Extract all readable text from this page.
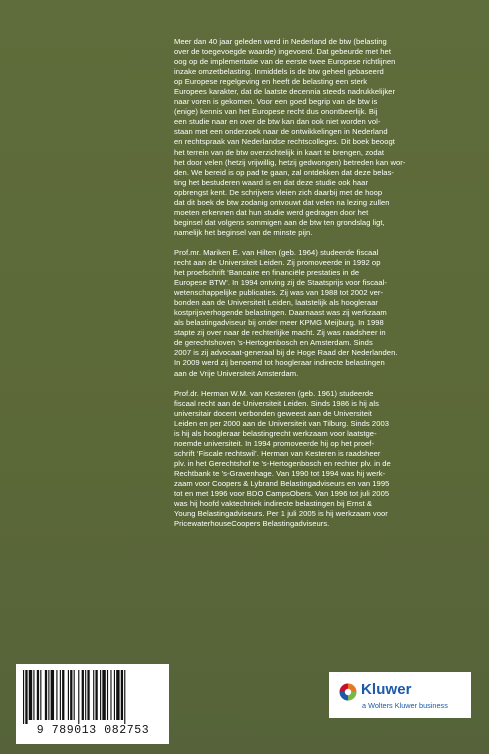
Meer dan 40 jaar geleden werd in Nederland de btw (belasting
over de toegevoegde waarde) ingevoerd. Dat gebeurde met het
oog op de implementatie van de eerste twee Europese richtlijnen
inzake omzetbelasting. Inmiddels is de btw geheel gebaseerd
op Europese regelgeving en heeft de belasting een sterk
Europees karakter, dat de laatste decennia steeds nadrukkelijker
naar voren is gekomen. Voor een goed begrip van de btw is
(enige) kennis van het Europese recht dus onontbeerlijk. Bij
een studie naar en over de btw kan dan ook niet worden vol-
staan met een onderzoek naar de ontwikkelingen in Nederland
en rechtspraak van Nederlandse rechtscolleges. Dit boek beoogt
het terrein van de btw overzichtelijk in kaart te brengen, zodat
het door velen (hetzij vrijwillig, hetzij gedwongen) betreden kan wor-
den. We bereid is op pad te gaan, zal ontdekken dat deze belas-
ting het bestuderen waard is en dat deze studie ook haar
opbrengst kent. De schrijvers vleien zich daarbij met de hoop
dat dit boek de btw zodanig ontvouwt dat velen na lezing zullen
moeten erkennen dat hun studie werd gedragen door het
beginsel dat volgens sommigen aan de btw ten grondslag ligt,
namelijk het beginsel van de minste pijn.

Prof.mr. Mariken E. van Hilten (geb. 1964) studeerde fiscaal
recht aan de Universiteit Leiden. Zij promoveerde in 1992 op
het proefschrift ‘Bancaire en financiële prestaties in de
Europese BTW’. In 1994 ontving zij de Staatsprijs voor fiscaal-
wetenschappelijke publicaties. Zij was van 1988 tot 2002 ver-
bonden aan de Universiteit Leiden, laatstelijk als hoogleraar
kostprijsverhogende belastingen. Daarnaast was zij werkzaam
als belastingadviseur bij onder meer KPMG Meijburg. In 1998
stapte zij over naar de rechterlijke macht. Zij was raadsheer in
de gerechtshoven ’s-Hertogenbosch en Amsterdam. Sinds
2007 is zij advocaat-generaal bij de Hoge Raad der Nederlanden.
In 2009 werd zij benoemd tot hoogleraar indirecte belastingen
aan de Vrije Universiteit Amsterdam.

Prof.dr. Herman W.M. van Kesteren (geb. 1961) studeerde
fiscaal recht aan de Universiteit Leiden. Sinds 1986 is hij als
universitair docent verbonden geweest aan de Universiteit
Leiden en per 2000 aan de Universiteit van Tilburg. Sinds 2003
is hij als hoogleraar belastingrecht werkzaam voor laatstge-
noemde universiteit. In 1994 promoveerde hij op het proef-
schrift ‘Fiscale rechtswil’. Herman van Kesteren is raadsheer
plv. in het Gerechtshof te ’s-Hertogenbosch en rechter plv. in de
Rechtbank te ’s-Gravenhage. Van 1990 tot 1994 was hij werk-
zaam voor Coopers & Lybrand Belastingadviseurs en van 1995
tot en met 1996 voor BDO CampsObers. Van 1996 tot juli 2005
was hij hoofd vaktechniek indirecte belastingen bij Ernst &
Young Belastingadviseurs. Per 1 juli 2005 is hij werkzaam voor
PricewaterhouseCoopers Belastingadviseurs.

9 789013 082753
Kluwer
a Wolters Kluwer business
